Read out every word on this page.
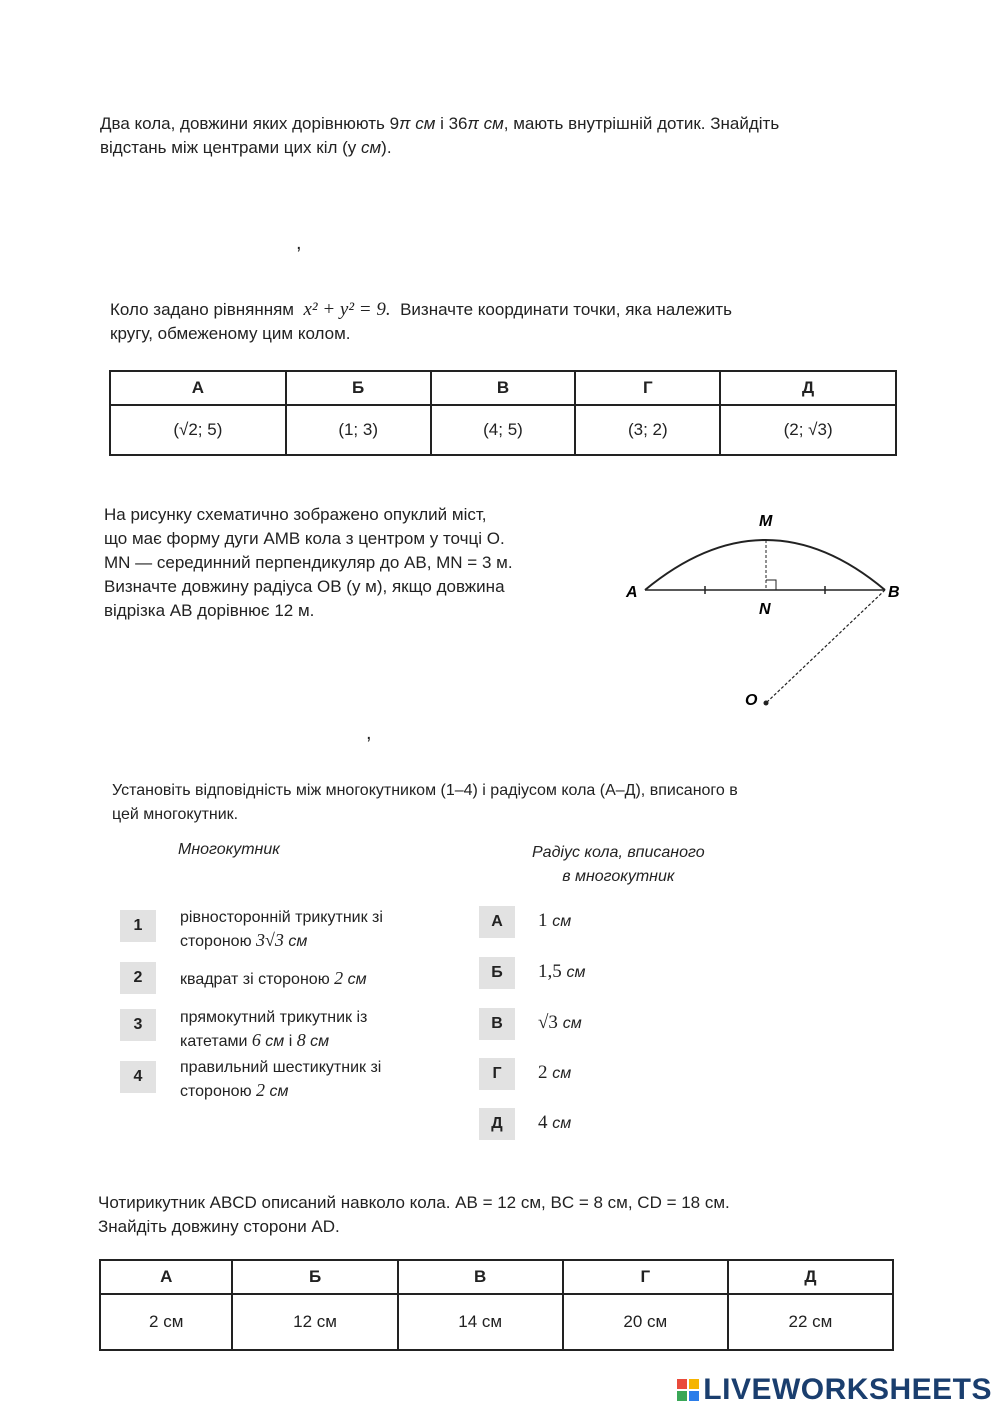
Два кола, довжини яких дорівнюють 9π см і 36π см, мають внутрішній дотик. Знайдіть
відстань між центрами цих кіл (у см).
,
Коло задано рівнянням x² + y² = 9. Визначте координати точки, яка належить
кругу, обмеженому цим колом.
А	Б	В	Г	Д
(√2; 5)	(1; 3)	(4; 5)	(3; 2)	(2; √3)
На рисунку схематично зображено опуклий міст,
що має форму дуги AMB кола з центром у точці O.
MN — серединний перпендикуляр до AB, MN = 3 м.
Визначте довжину радіуса OB (у м), якщо довжина
відрізка AB дорівнює 12 м.
M
A
N
B
O
,
Установіть відповідність між многокутником (1–4) і радіусом кола (А–Д), вписаного в
цей многокутник.
Многокутник	Радіус кола, вписаного
в многокутник
1	рівносторонній трикутник зі
стороною 3√3 см
2	квадрат зі стороною 2 см
3	прямокутний трикутник із
катетами 6 см і 8 см
4
правильний шестикутник зі
стороною 2 см
А	1 см
Б	1,5 см
В	√3 см
Г	2 см
Д	4 см
Чотирикутник ABCD описаний навколо кола. AB = 12 см, BC = 8 см, CD = 18 см.
Знайдіть довжину сторони AD.
А	Б	В	Г	Д
2 см	12 см	14 см	20 см	22 см
LIVEWORKSHEETS
